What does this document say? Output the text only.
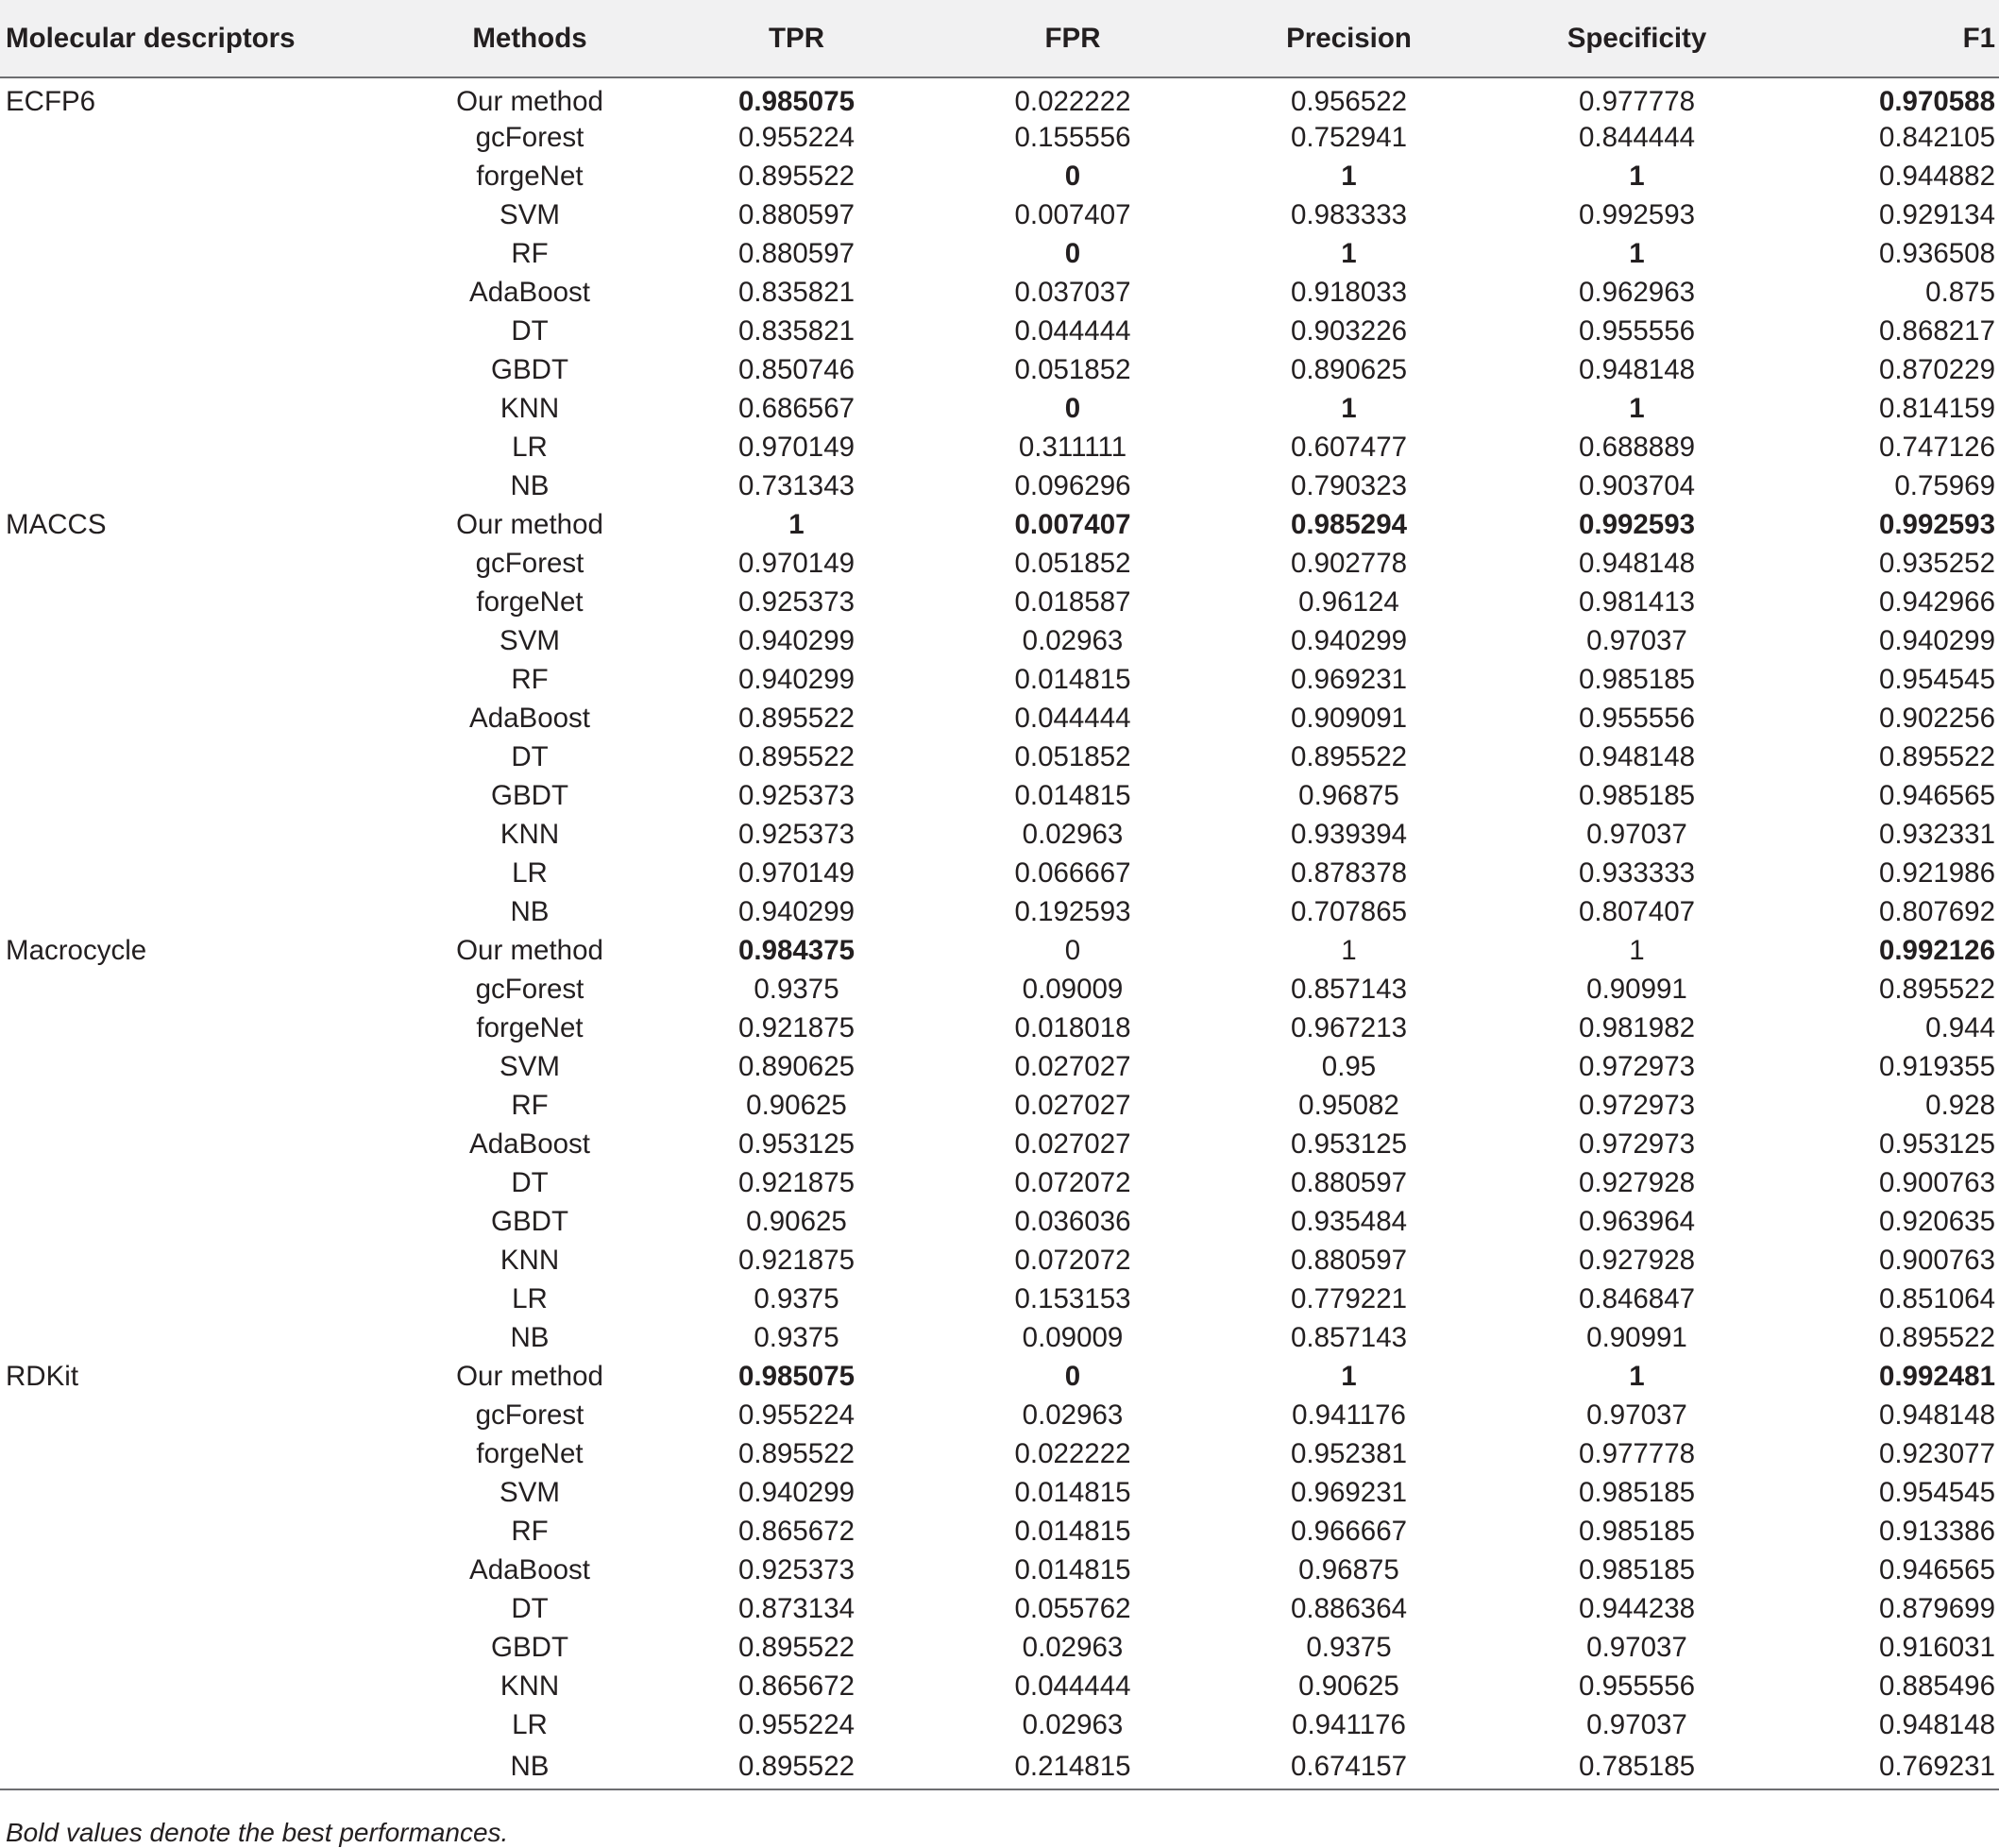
Molecular descriptors	Methods	TPR	FPR	Precision	Specificity	F1
ECFP6	Our method	0.985075	0.022222	0.956522	0.977778	0.970588
	gcForest	0.955224	0.155556	0.752941	0.844444	0.842105
	forgeNet	0.895522	0	1	1	0.944882
	SVM	0.880597	0.007407	0.983333	0.992593	0.929134
	RF	0.880597	0	1	1	0.936508
	AdaBoost	0.835821	0.037037	0.918033	0.962963	0.875
	DT	0.835821	0.044444	0.903226	0.955556	0.868217
	GBDT	0.850746	0.051852	0.890625	0.948148	0.870229
	KNN	0.686567	0	1	1	0.814159
	LR	0.970149	0.311111	0.607477	0.688889	0.747126
	NB	0.731343	0.096296	0.790323	0.903704	0.75969
MACCS	Our method	1	0.007407	0.985294	0.992593	0.992593
	gcForest	0.970149	0.051852	0.902778	0.948148	0.935252
	forgeNet	0.925373	0.018587	0.96124	0.981413	0.942966
	SVM	0.940299	0.02963	0.940299	0.97037	0.940299
	RF	0.940299	0.014815	0.969231	0.985185	0.954545
	AdaBoost	0.895522	0.044444	0.909091	0.955556	0.902256
	DT	0.895522	0.051852	0.895522	0.948148	0.895522
	GBDT	0.925373	0.014815	0.96875	0.985185	0.946565
	KNN	0.925373	0.02963	0.939394	0.97037	0.932331
	LR	0.970149	0.066667	0.878378	0.933333	0.921986
	NB	0.940299	0.192593	0.707865	0.807407	0.807692
Macrocycle	Our method	0.984375	0	1	1	0.992126
	gcForest	0.9375	0.09009	0.857143	0.90991	0.895522
	forgeNet	0.921875	0.018018	0.967213	0.981982	0.944
	SVM	0.890625	0.027027	0.95	0.972973	0.919355
	RF	0.90625	0.027027	0.95082	0.972973	0.928
	AdaBoost	0.953125	0.027027	0.953125	0.972973	0.953125
	DT	0.921875	0.072072	0.880597	0.927928	0.900763
	GBDT	0.90625	0.036036	0.935484	0.963964	0.920635
	KNN	0.921875	0.072072	0.880597	0.927928	0.900763
	LR	0.9375	0.153153	0.779221	0.846847	0.851064
	NB	0.9375	0.09009	0.857143	0.90991	0.895522
RDKit	Our method	0.985075	0	1	1	0.992481
	gcForest	0.955224	0.02963	0.941176	0.97037	0.948148
	forgeNet	0.895522	0.022222	0.952381	0.977778	0.923077
	SVM	0.940299	0.014815	0.969231	0.985185	0.954545
	RF	0.865672	0.014815	0.966667	0.985185	0.913386
	AdaBoost	0.925373	0.014815	0.96875	0.985185	0.946565
	DT	0.873134	0.055762	0.886364	0.944238	0.879699
	GBDT	0.895522	0.02963	0.9375	0.97037	0.916031
	KNN	0.865672	0.044444	0.90625	0.955556	0.885496
	LR	0.955224	0.02963	0.941176	0.97037	0.948148
	NB	0.895522	0.214815	0.674157	0.785185	0.769231
Bold values denote the best performances.
